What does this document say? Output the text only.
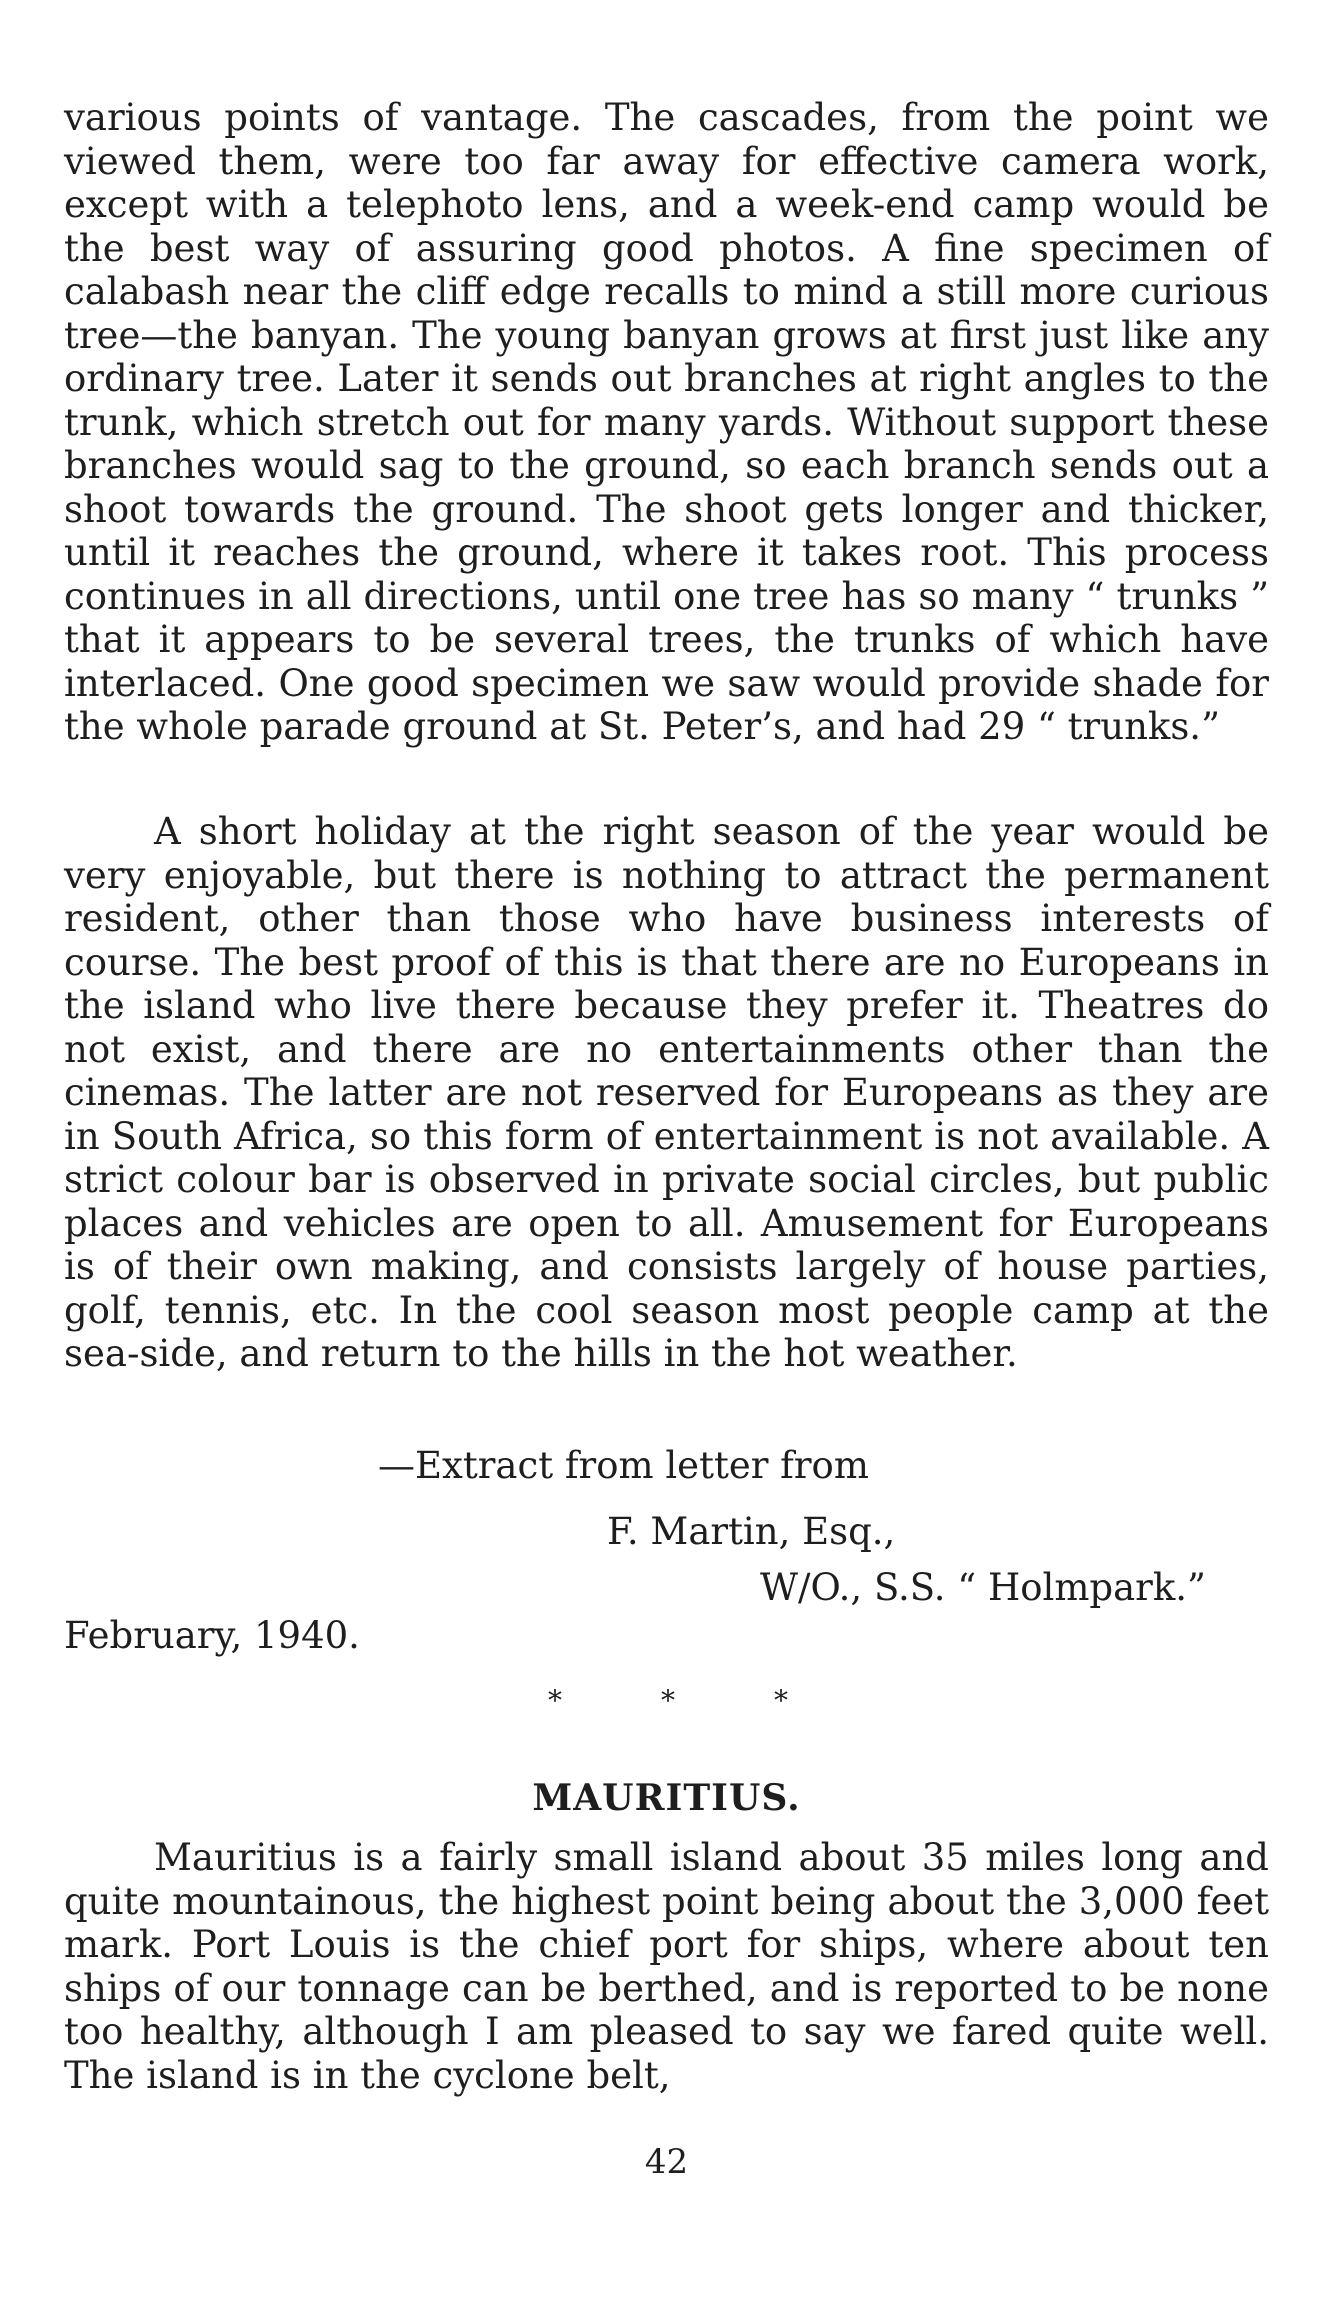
various points of vantage. The cascades, from the point we viewed them, were too far away for effective camera work, except with a telephoto lens, and a week-end camp would be the best way of assuring good photos. A fine specimen of calabash near the cliff edge recalls to mind a still more curious tree—the banyan. The young banyan grows at first just like any ordinary tree. Later it sends out branches at right angles to the trunk, which stretch out for many yards. Without support these branches would sag to the ground, so each branch sends out a shoot towards the ground. The shoot gets longer and thicker, until it reaches the ground, where it takes root. This process continues in all directions, until one tree has so many “ trunks ” that it appears to be several trees, the trunks of which have interlaced. One good specimen we saw would provide shade for the whole parade ground at St. Peter’s, and had 29 “ trunks.”

A short holiday at the right season of the year would be very enjoyable, but there is nothing to attract the permanent resident, other than those who have business interests of course. The best proof of this is that there are no Europeans in the island who live there because they prefer it. Theatres do not exist, and there are no entertainments other than the cinemas. The latter are not reserved for Europeans as they are in South Africa, so this form of entertainment is not available. A strict colour bar is observed in private social circles, but public places and vehicles are open to all. Amusement for Europeans is of their own making, and consists largely of house parties, golf, tennis, etc. In the cool season most people camp at the sea-side, and return to the hills in the hot weather.

—Extract from letter from
F. Martin, Esq.,
W/O., S.S. “ Holmpark.”
February, 1940.
*	*	*
MAURITIUS.

Mauritius is a fairly small island about 35 miles long and quite mountainous, the highest point being about the 3,000 feet mark. Port Louis is the chief port for ships, where about ten ships of our tonnage can be berthed, and is reported to be none too healthy, although I am pleased to say we fared quite well. The island is in the cyclone belt,

42
